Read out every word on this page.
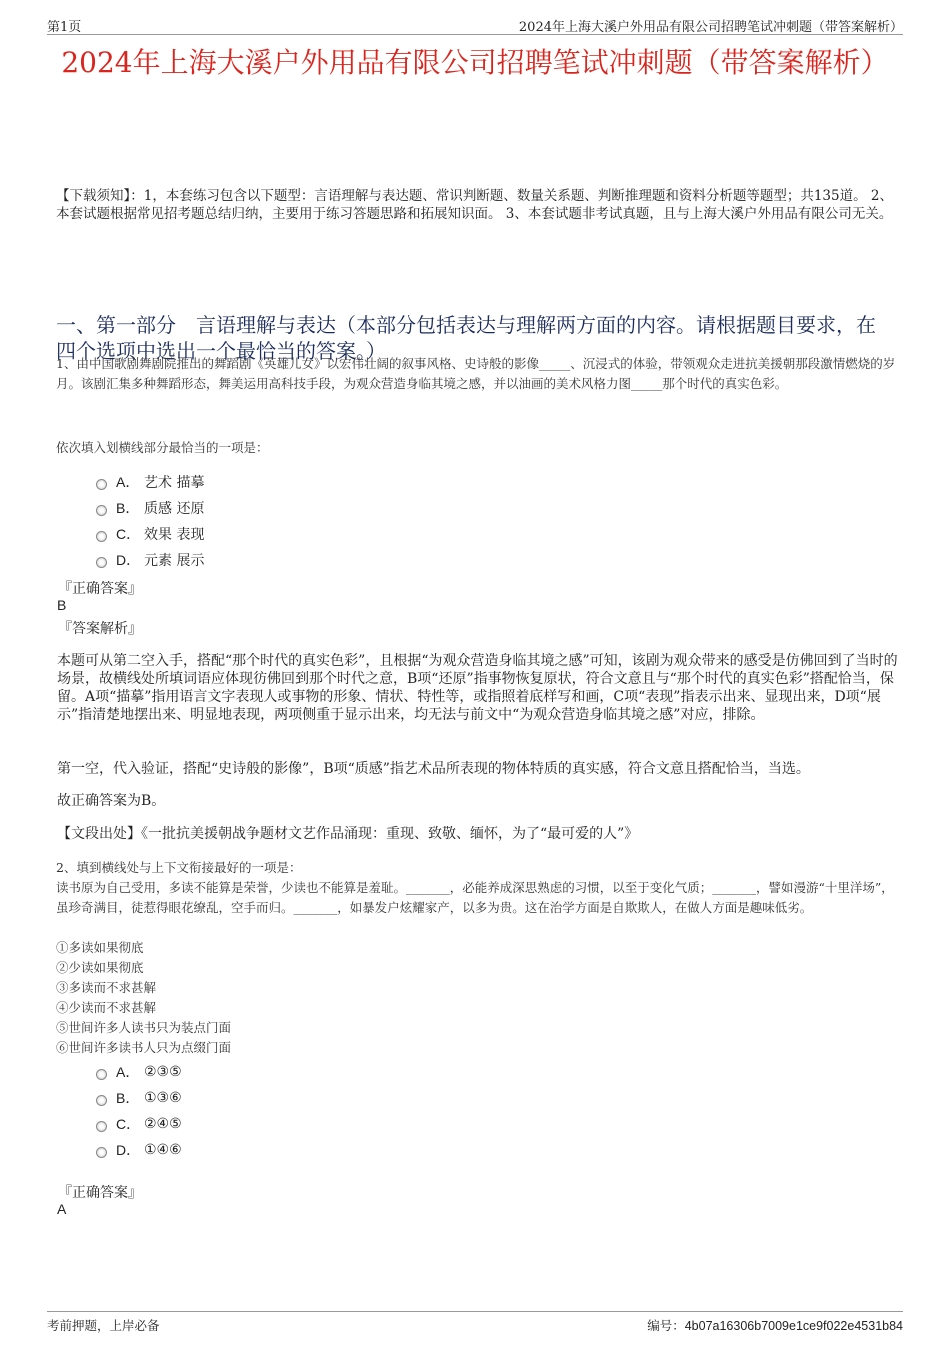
第1页	2024年上海大溪户外用品有限公司招聘笔试冲刺题（带答案解析）
2024年上海大溪户外用品有限公司招聘笔试冲刺题（带答案解析）
【下载须知】：1，本套练习包含以下题型：言语理解与表达题、常识判断题、数量关系题、判断推理题和资料分析题等题型；共135道。 2、本套试题根据常见招考题总结归纳，主要用于练习答题思路和拓展知识面。 3、本套试题非考试真题，且与上海大溪户外用品有限公司无关。
一、第一部分　言语理解与表达（本部分包括表达与理解两方面的内容。请根据题目要求，在四个选项中选出一个最恰当的答案。）
1、由中国歌剧舞剧院推出的舞蹈剧《英雄儿女》以宏伟壮阔的叙事风格、史诗般的影像_____、沉浸式的体验，带领观众走进抗美援朝那段激情燃烧的岁月。该剧汇集多种舞蹈形态，舞美运用高科技手段，为观众营造身临其境之感，并以油画的美术风格力图_____那个时代的真实色彩。
依次填入划横线部分最恰当的一项是：
A． 艺术 描摹
B． 质感 还原
C． 效果 表现
D． 元素 展示
『正确答案』
B
『答案解析』
本题可从第二空入手，搭配“那个时代的真实色彩”，且根据“为观众营造身临其境之感”可知，该剧为观众带来的感受是仿佛回到了当时的场景，故横线处所填词语应体现彷佛回到那个时代之意，B项“还原”指事物恢复原状，符合文意且与“那个时代的真实色彩”搭配恰当，保留。A项“描摹”指用语言文字表现人或事物的形象、情状、特性等，或指照着底样写和画，C项“表现”指表示出来、显现出来，D项“展示”指清楚地摆出来、明显地表现，两项侧重于显示出来，均无法与前文中“为观众营造身临其境之感”对应，排除。
第一空，代入验证，搭配“史诗般的影像”，B项“质感”指艺术品所表现的物体特质的真实感，符合文意且搭配恰当，当选。
故正确答案为B。
【文段出处】《一批抗美援朝战争题材文艺作品涌现：重现、致敬、缅怀，为了“最可爱的人”》
2、填到横线处与上下文衔接最好的一项是：
读书原为自己受用，多读不能算是荣誉，少读也不能算是羞耻。_______，必能养成深思熟虑的习惯，以至于变化气质；_______，譬如漫游“十里洋场”，虽珍奇满目，徒惹得眼花缭乱，空手而归。_______，如暴发户炫耀家产，以多为贵。这在治学方面是自欺欺人，在做人方面是趣味低劣。
①多读如果彻底
②少读如果彻底
③多读而不求甚解
④少读而不求甚解
⑤世间许多人读书只为装点门面
⑥世间许多读书人只为点缀门面
A． ②③⑤
B． ①③⑥
C． ②④⑤
D． ①④⑥
『正确答案』
A
考前押题，上岸必备	编号：4b07a16306b7009e1ce9f022e4531b84
